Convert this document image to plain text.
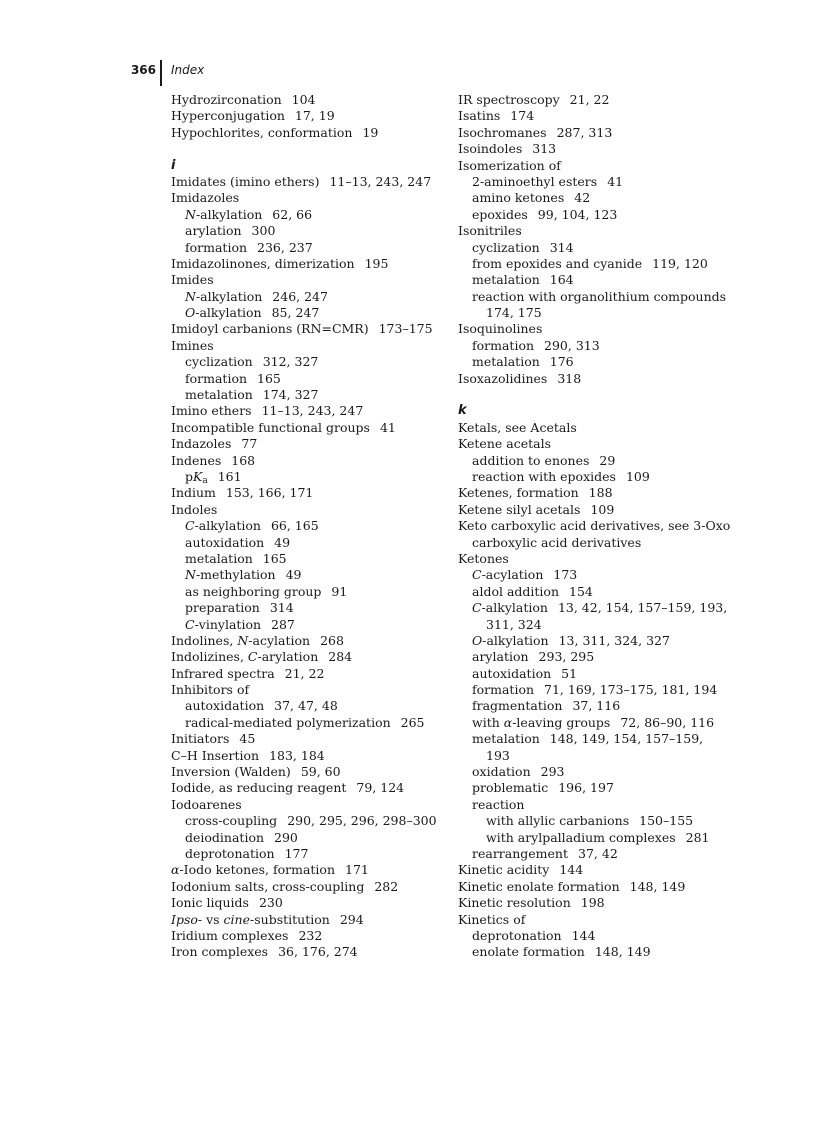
366 Index
Hydrozirconation 104
Hyperconjugation 17, 19
Hypochlorites, conformation 19
i
Imidates (imino ethers) 11–13, 243, 247
Imidazoles
N-alkylation 62, 66
arylation 300
formation 236, 237
Imidazolinones, dimerization 195
Imides
N-alkylation 246, 247
O-alkylation 85, 247
Imidoyl carbanions (RN=CMR) 173–175
Imines
cyclization 312, 327
formation 165
metalation 174, 327
Imino ethers 11–13, 243, 247
Incompatible functional groups 41
Indazoles 77
Indenes 168
$pK_a$ 161
Indium 153, 166, 171
Indoles
C-alkylation 66, 165
autoxidation 49
metalation 165
N-methylation 49
as neighboring group 91
preparation 314
C-vinylation 287
Indolines, N-acylation 268
Indolizines, C-arylation 284
Infrared spectra 21, 22
Inhibitors of
autoxidation 37, 47, 48
radical-mediated polymerization 265
Initiators 45
C–H Insertion 183, 184
Inversion (Walden) 59, 60
Iodide, as reducing reagent 79, 124
Iodoarenes
cross-coupling 290, 295, 296, 298–300
deiodination 290
deprotonation 177
α-Iodo ketones, formation 171
Iodonium salts, cross-coupling 282
Ionic liquids 230
Ipso- vs cine-substitution 294
Iridium complexes 232
Iron complexes 36, 176, 274
IR spectroscopy 21, 22
Isatins 174
Isochromanes 287, 313
Isoindoles 313
Isomerization of
2-aminoethyl esters 41
amino ketones 42
epoxides 99, 104, 123
Isonitriles
cyclization 314
from epoxides and cyanide 119, 120
metalation 164
reaction with organolithium compounds
174, 175
Isoquinolines
formation 290, 313
metalation 176
Isoxazolidines 318
k
Ketals, see Acetals
Ketene acetals
addition to enones 29
reaction with epoxides 109
Ketenes, formation 188
Ketene silyl acetals 109
Keto carboxylic acid derivatives, see 3-Oxo
carboxylic acid derivatives
Ketones
C-acylation 173
aldol addition 154
C-alkylation 13, 42, 154, 157–159, 193,
311, 324
O-alkylation 13, 311, 324, 327
arylation 293, 295
autoxidation 51
formation 71, 169, 173–175, 181, 194
fragmentation 37, 116
with α-leaving groups 72, 86–90, 116
metalation 148, 149, 154, 157–159,
193
oxidation 293
problematic 196, 197
reaction
with allylic carbanions 150–155
with arylpalladium complexes 281
rearrangement 37, 42
Kinetic acidity 144
Kinetic enolate formation 148, 149
Kinetic resolution 198
Kinetics of
deprotonation 144
enolate formation 148, 149
